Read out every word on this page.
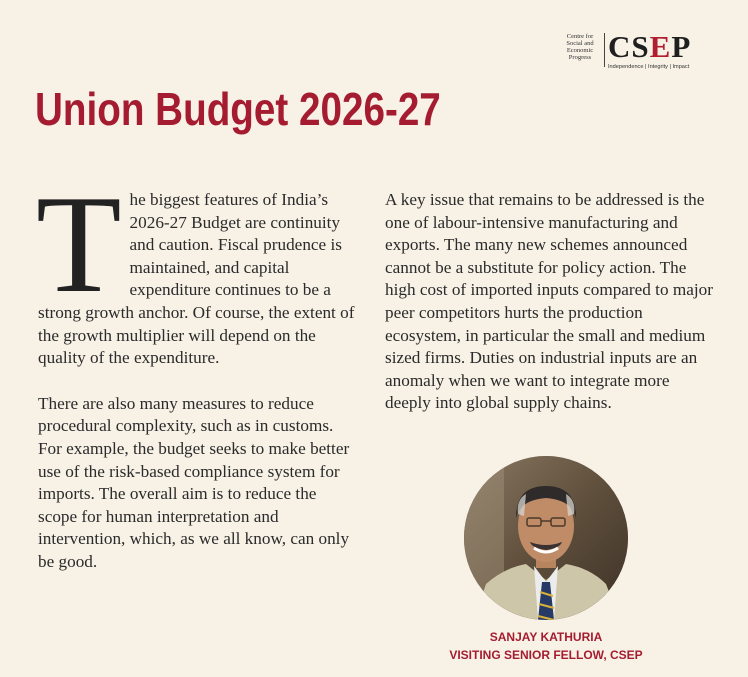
Centre for
Social and
Economic
Progress CSEP
Independence | Integrity | Impact
Union Budget 2026-27

The biggest features of India’s 2026-27 Budget are continuity and caution. Fiscal prudence is maintained, and capital expenditure continues to be a strong growth anchor. Of course, the extent of the growth multiplier will depend on the quality of the expenditure.

There are also many measures to reduce procedural complexity, such as in customs. For example, the budget seeks to make better use of the risk-based compliance system for imports. The overall aim is to reduce the scope for human interpretation and intervention, which, as we all know, can only be good.

A key issue that remains to be addressed is the one of labour-intensive manufacturing and exports. The many new schemes announced cannot be a substitute for policy action. The high cost of imported inputs compared to major peer competitors hurts the production ecosystem, in particular the small and medium sized firms. Duties on industrial inputs are an anomaly when we want to integrate more deeply into global supply chains.

SANJAY KATHURIA
VISITING SENIOR FELLOW, CSEP
